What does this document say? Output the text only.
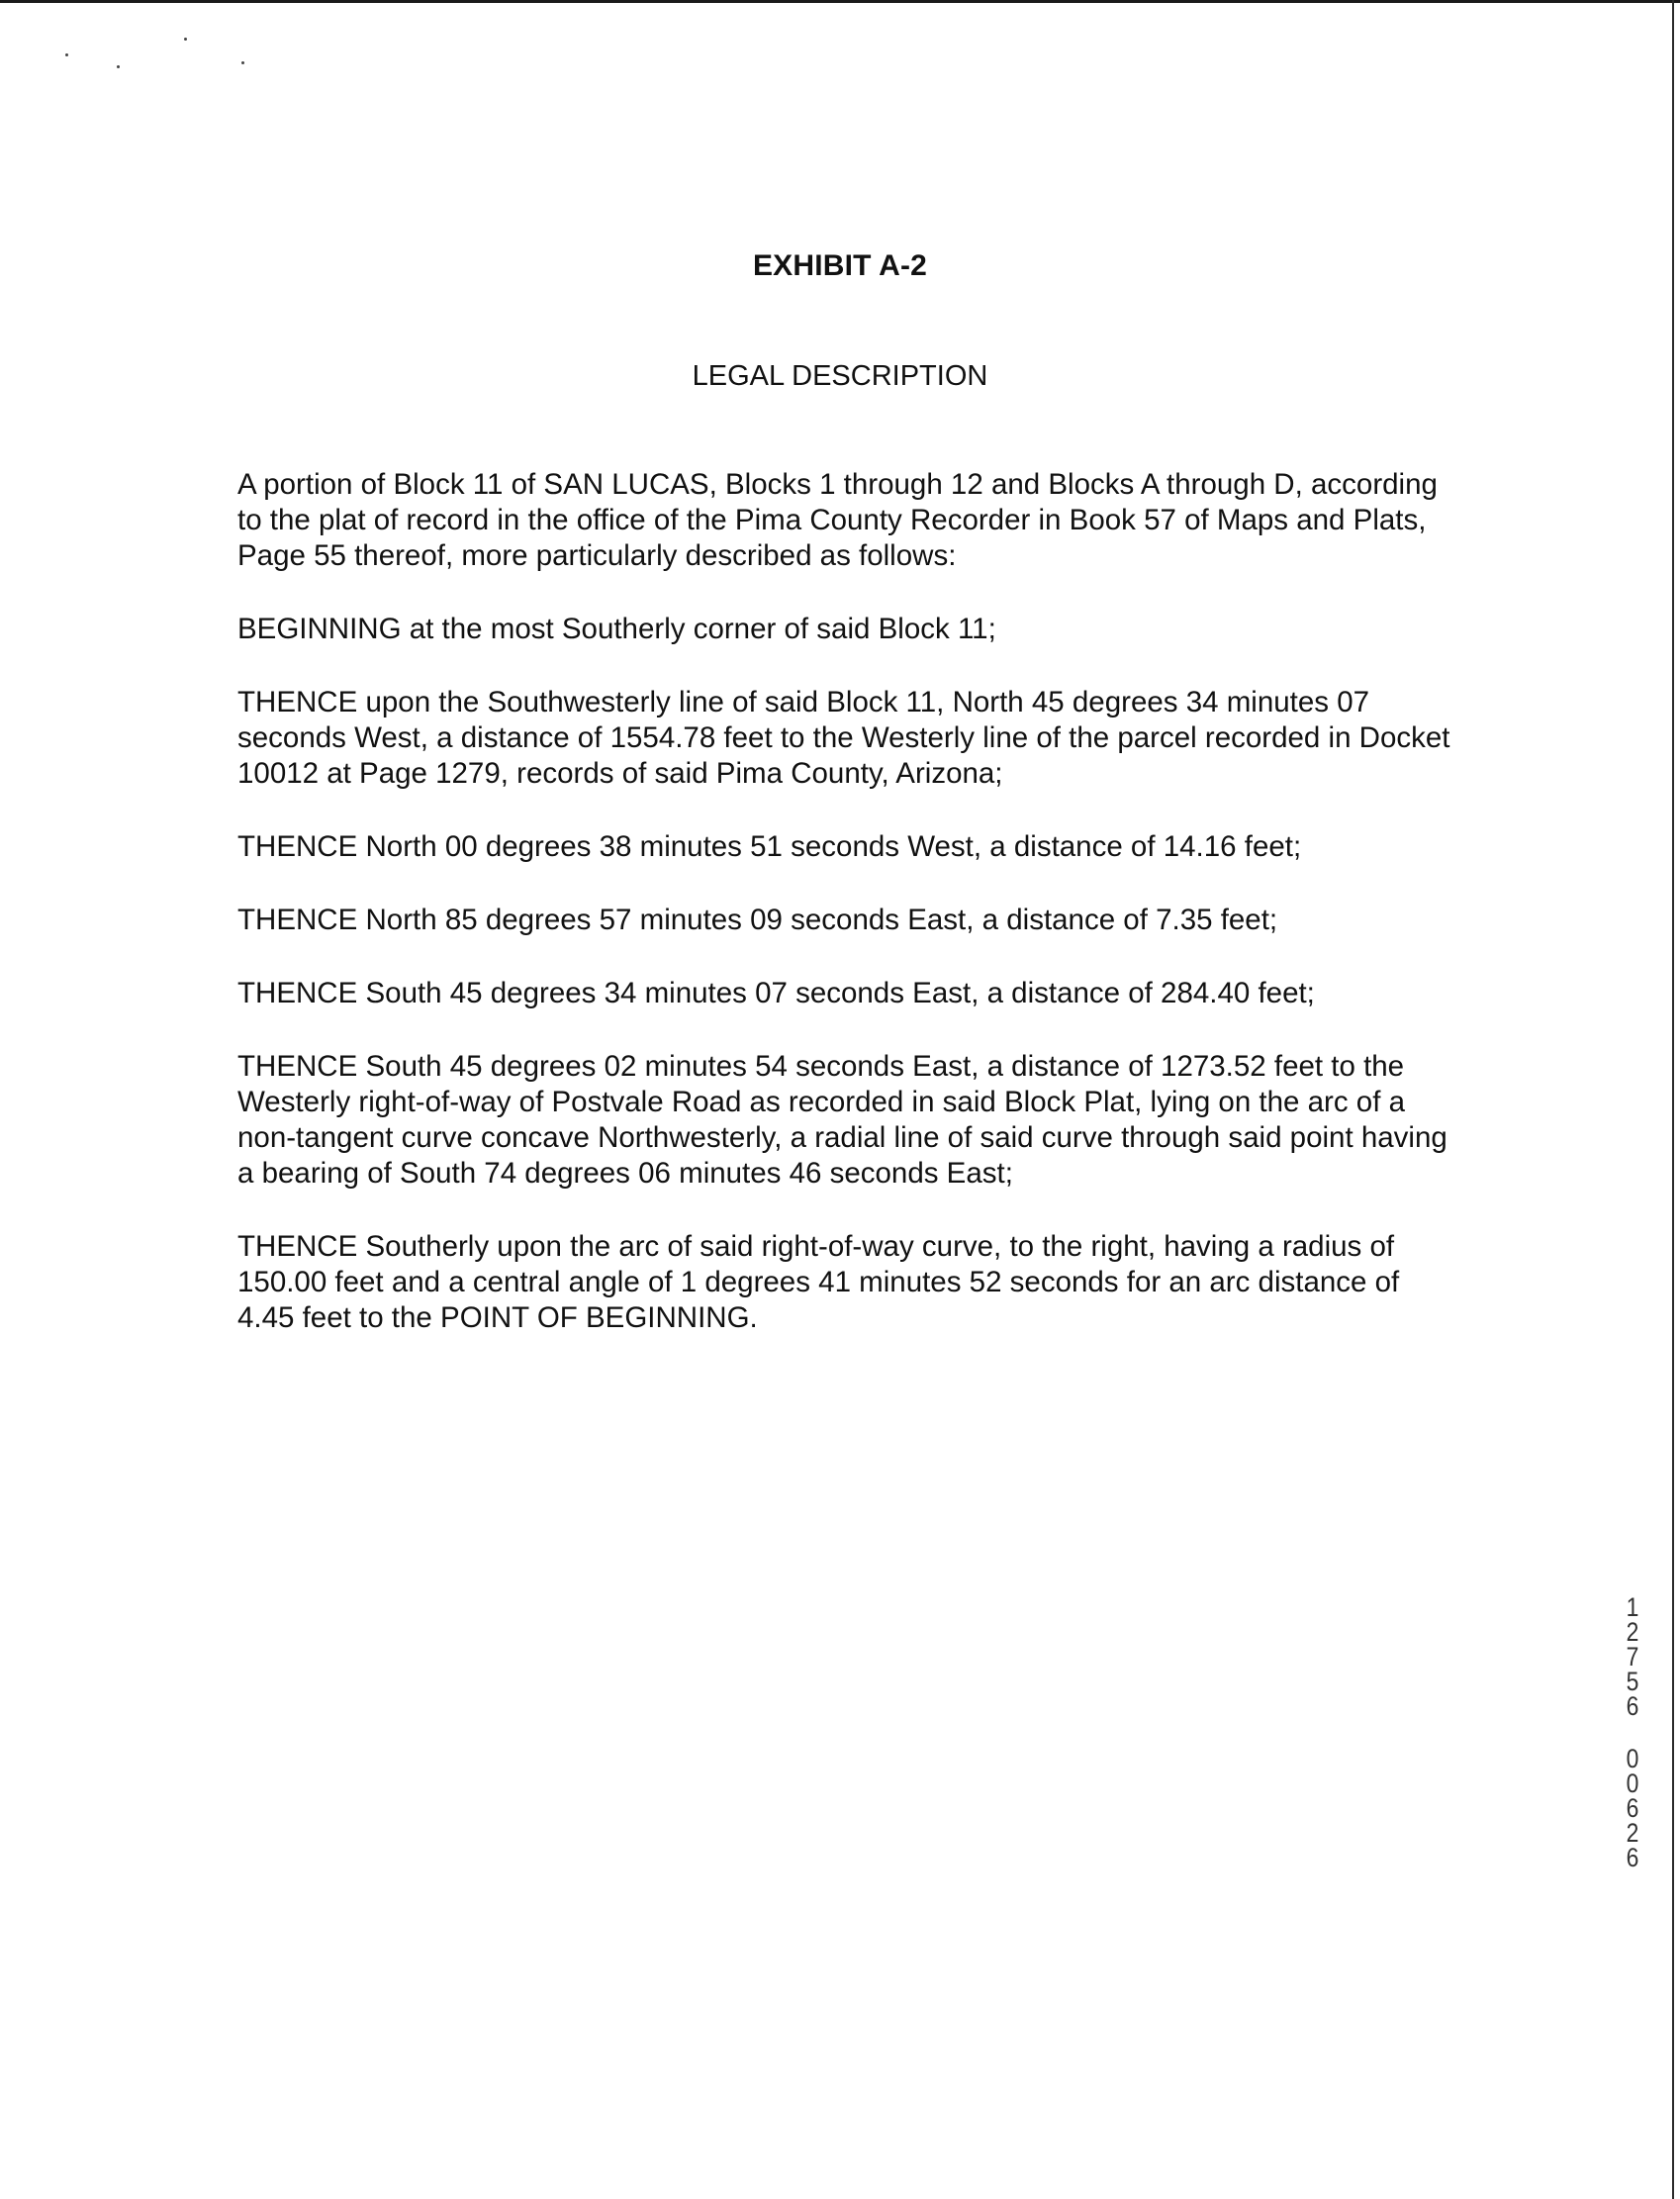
EXHIBIT A-2
LEGAL DESCRIPTION

A portion of Block 11 of SAN LUCAS, Blocks 1 through 12 and Blocks A through D, according to the plat of record in the office of the Pima County Recorder in Book 57 of Maps and Plats, Page 55 thereof, more particularly described as follows:

BEGINNING at the most Southerly corner of said Block 11;

THENCE upon the Southwesterly line of said Block 11, North 45 degrees 34 minutes 07 seconds West, a distance of 1554.78 feet to the Westerly line of the parcel recorded in Docket 10012 at Page 1279, records of said Pima County, Arizona;

THENCE North 00 degrees 38 minutes 51 seconds West, a distance of 14.16 feet;

THENCE North 85 degrees 57 minutes 09 seconds East, a distance of 7.35 feet;

THENCE South 45 degrees 34 minutes 07 seconds East, a distance of 284.40 feet;

THENCE South 45 degrees 02 minutes 54 seconds East, a distance of 1273.52 feet to the Westerly right-of-way of Postvale Road as recorded in said Block Plat, lying on the arc of a non-tangent curve concave Northwesterly, a radial line of said curve through said point having a bearing of South 74 degrees 06 minutes 46 seconds East;

THENCE Southerly upon the arc of said right-of-way curve, to the right, having a radius of 150.00 feet and a central angle of 1 degrees 41 minutes 52 seconds for an arc distance of 4.45 feet to the POINT OF BEGINNING.

12756
00626
